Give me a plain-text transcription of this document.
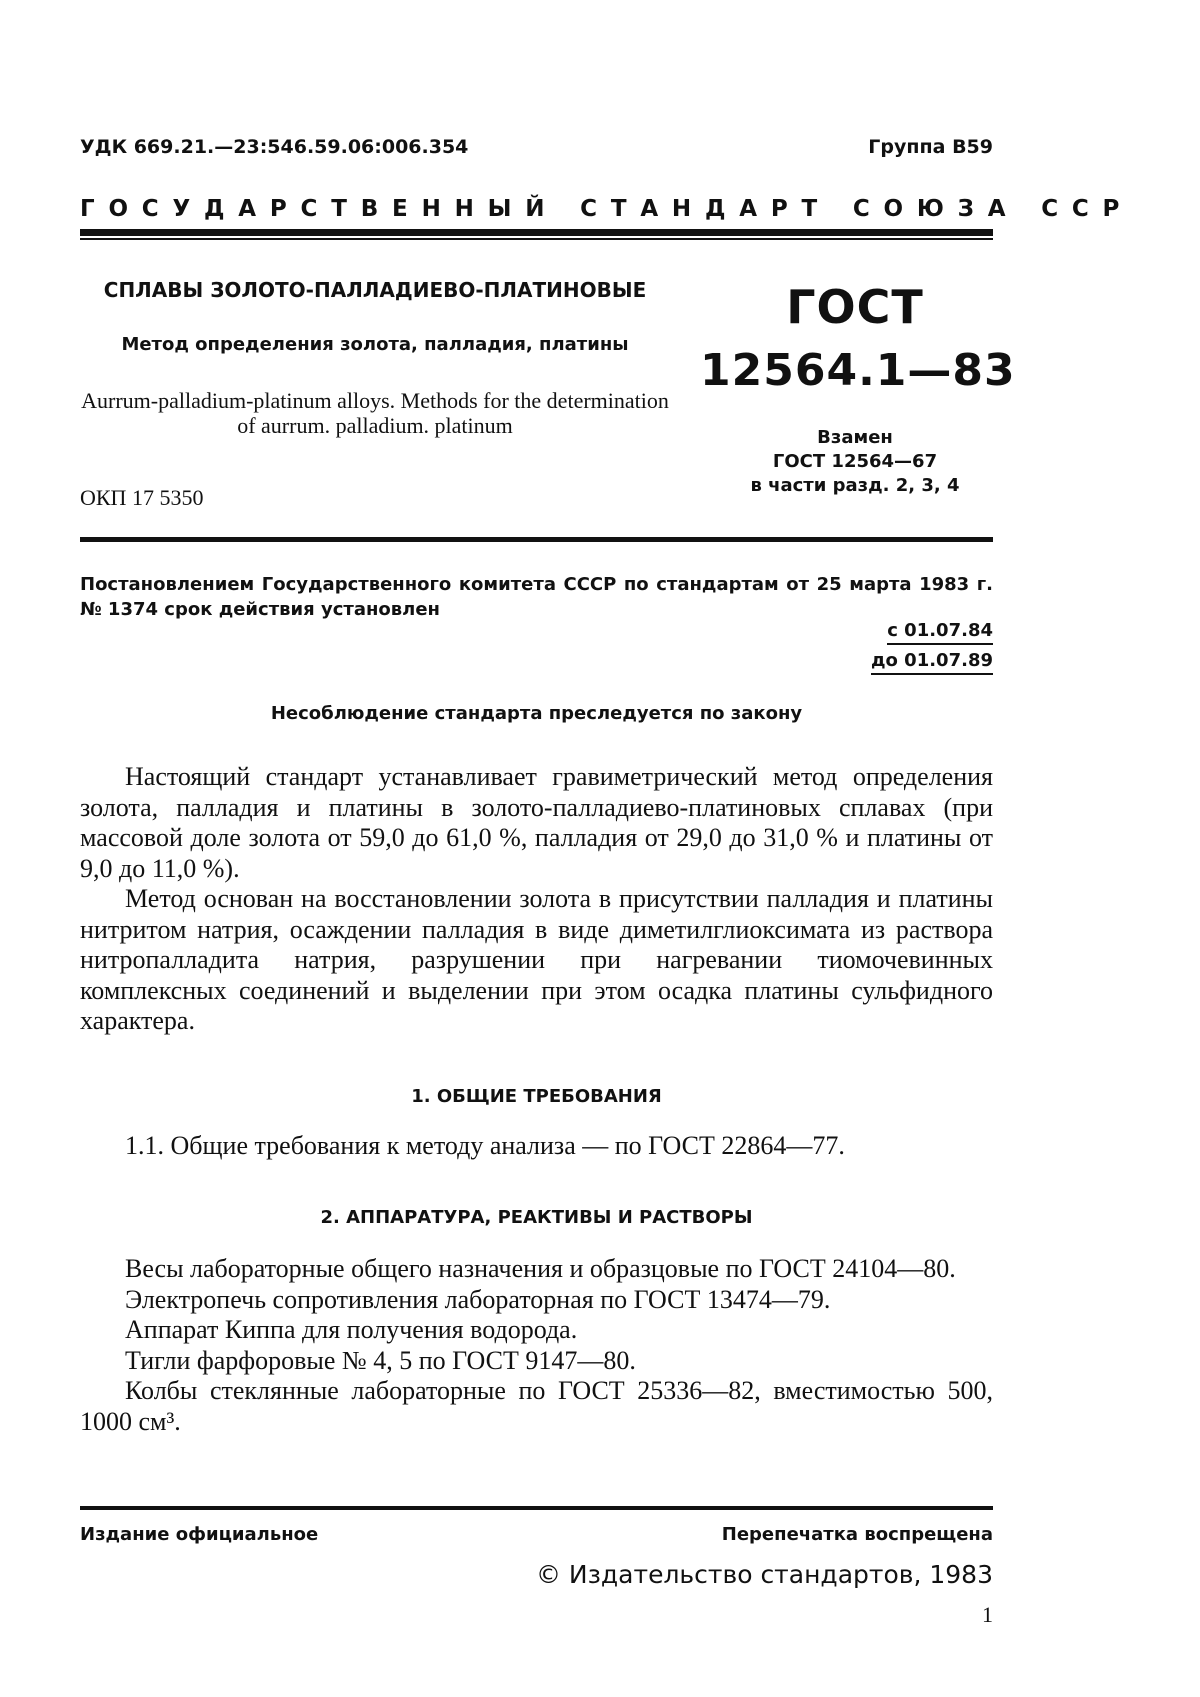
УДК 669.21.—23:546.59.06:006.354	Группа В59
ГОСУДАРСТВЕННЫЙ СТАНДАРТ СОЮЗА ССР
СПЛАВЫ ЗОЛОТО-ПАЛЛАДИЕВО-ПЛАТИНОВЫЕ
Метод определения золота, палладия, платины
Aurrum-palladium-platinum alloys. Methods for the determination of aurrum. palladium. platinum
ОКП 17 5350
ГОСТ
12564.1—83
Взамен
ГОСТ 12564—67
в части разд. 2, 3, 4
Постановлением Государственного комитета СССР по стандартам от 25 марта 1983 г. № 1374 срок действия установлен
с 01.07.84
до 01.07.89
Несоблюдение стандарта преследуется по закону

Настоящий стандарт устанавливает гравиметрический метод определения золота, палладия и платины в золото-палладиево-платиновых сплавах (при массовой доле золота от 59,0 до 61,0 %, палладия от 29,0 до 31,0 % и платины от 9,0 до 11,0 %).

Метод основан на восстановлении золота в присутствии палладия и платины нитритом натрия, осаждении палладия в виде диметилглиоксимата из раствора нитропалладита натрия, разрушении при нагревании тиомочевинных комплексных соединений и выделении при этом осадка платины сульфидного характера.

1. ОБЩИЕ ТРЕБОВАНИЯ

1.1. Общие требования к методу анализа — по ГОСТ 22864—77.

2. АППАРАТУРА, РЕАКТИВЫ И РАСТВОРЫ
Весы лабораторные общего назначения и образцовые по ГОСТ 24104—80.
Электропечь сопротивления лабораторная по ГОСТ 13474—79.
Аппарат Киппа для получения водорода.
Тигли фарфоровые № 4, 5 по ГОСТ 9147—80.
Колбы стеклянные лабораторные по ГОСТ 25336—82, вместимостью 500, 1000 см³.
Издание официальное	Перепечатка воспрещена
© Издательство стандартов, 1983
1
